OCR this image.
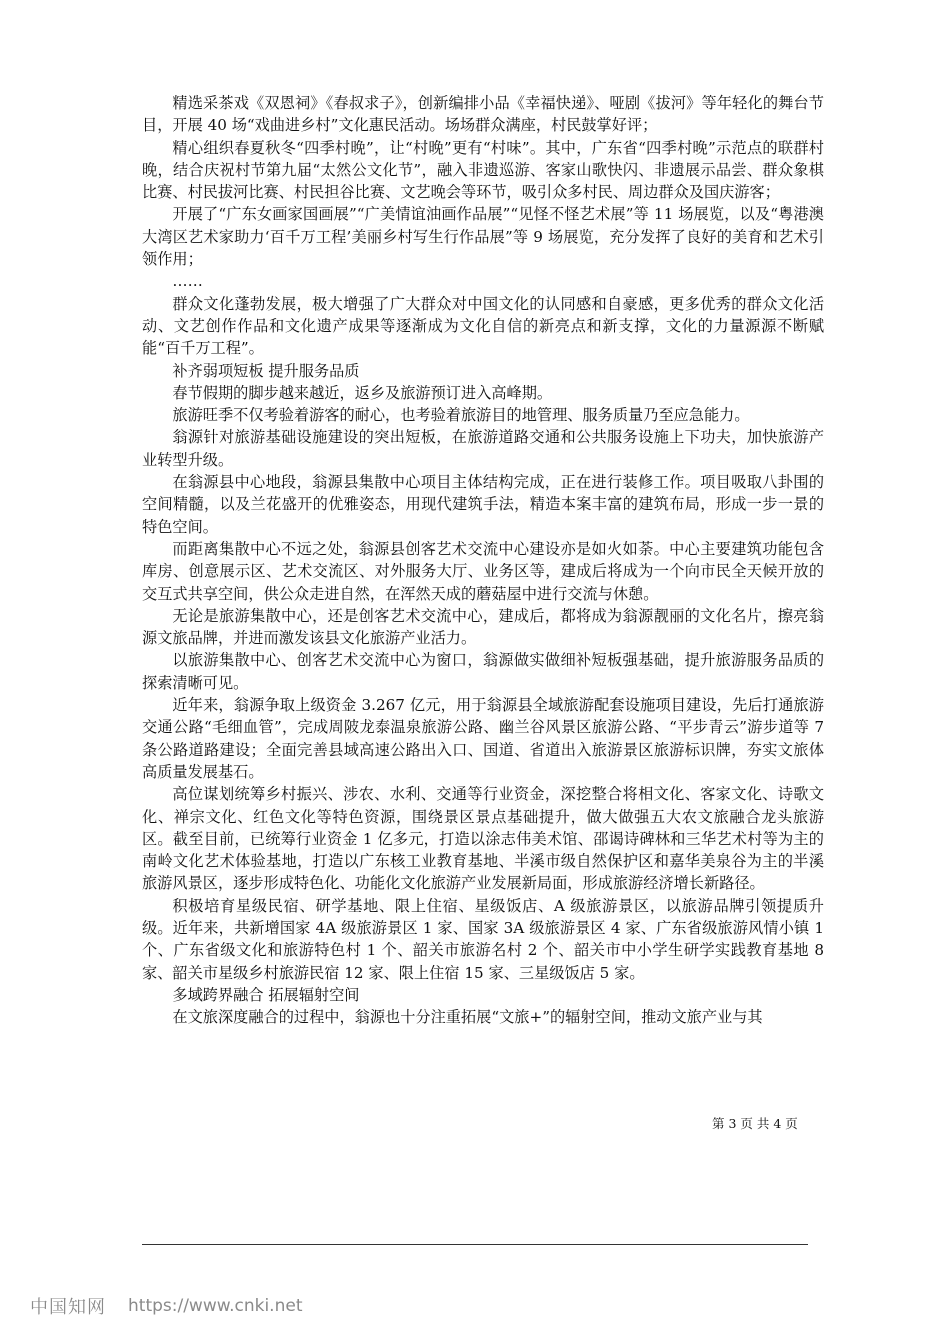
精选采茶戏《双恩祠》《春叔求子》，创新编排小品《幸福快递》、哑剧《拔河》等年轻化的舞台节目，开展 40 场“戏曲进乡村”文化惠民活动。场场群众满座，村民鼓掌好评；

精心组织春夏秋冬“四季村晚”，让“村晚”更有“村味”。其中，广东省“四季村晚”示范点的联群村晚，结合庆祝村节第九届“太然公文化节”，融入非遗巡游、客家山歌快闪、非遗展示品尝、群众象棋比赛、村民拔河比赛、村民担谷比赛、文艺晚会等环节，吸引众多村民、周边群众及国庆游客；

开展了“广东女画家国画展”“广美情谊油画作品展”“见怪不怪艺术展”等 11 场展览，以及“粤港澳大湾区艺术家助力‘百千万工程’美丽乡村写生行作品展”等 9 场展览，充分发挥了良好的美育和艺术引领作用；

……

群众文化蓬勃发展，极大增强了广大群众对中国文化的认同感和自豪感，更多优秀的群众文化活动、文艺创作作品和文化遗产成果等逐渐成为文化自信的新亮点和新支撑，文化的力量源源不断赋能“百千万工程”。

补齐弱项短板 提升服务品质

春节假期的脚步越来越近，返乡及旅游预订进入高峰期。

旅游旺季不仅考验着游客的耐心，也考验着旅游目的地管理、服务质量乃至应急能力。

翁源针对旅游基础设施建设的突出短板，在旅游道路交通和公共服务设施上下功夫，加快旅游产业转型升级。

在翁源县中心地段，翁源县集散中心项目主体结构完成，正在进行装修工作。项目吸取八卦围的空间精髓，以及兰花盛开的优雅姿态，用现代建筑手法，精造本案丰富的建筑布局，形成一步一景的特色空间。

而距离集散中心不远之处，翁源县创客艺术交流中心建设亦是如火如荼。中心主要建筑功能包含库房、创意展示区、艺术交流区、对外服务大厅、业务区等，建成后将成为一个向市民全天候开放的交互式共享空间，供公众走进自然，在浑然天成的蘑菇屋中进行交流与休憩。

无论是旅游集散中心，还是创客艺术交流中心，建成后，都将成为翁源靓丽的文化名片，擦亮翁源文旅品牌，并进而激发该县文化旅游产业活力。

以旅游集散中心、创客艺术交流中心为窗口，翁源做实做细补短板强基础，提升旅游服务品质的探索清晰可见。

近年来，翁源争取上级资金 3.267 亿元，用于翁源县全域旅游配套设施项目建设，先后打通旅游交通公路“毛细血管”，完成周陂龙泰温泉旅游公路、幽兰谷风景区旅游公路、“平步青云”游步道等 7 条公路道路建设；全面完善县域高速公路出入口、国道、省道出入旅游景区旅游标识牌，夯实文旅体高质量发展基石。

高位谋划统筹乡村振兴、涉农、水利、交通等行业资金，深挖整合将相文化、客家文化、诗歌文化、禅宗文化、红色文化等特色资源，围绕景区景点基础提升，做大做强五大农文旅融合龙头旅游区。截至目前，已统筹行业资金 1 亿多元，打造以涂志伟美术馆、邵谒诗碑林和三华艺术村等为主的南岭文化艺术体验基地，打造以广东核工业教育基地、半溪市级自然保护区和嘉华美泉谷为主的半溪旅游风景区，逐步形成特色化、功能化文化旅游产业发展新局面，形成旅游经济增长新路径。

积极培育星级民宿、研学基地、限上住宿、星级饭店、A 级旅游景区，以旅游品牌引领提质升级。近年来，共新增国家 4A 级旅游景区 1 家、国家 3A 级旅游景区 4 家、广东省级旅游风情小镇 1 个、广东省级文化和旅游特色村 1 个、韶关市旅游名村 2 个、韶关市中小学生研学实践教育基地 8 家、韶关市星级乡村旅游民宿 12 家、限上住宿 15 家、三星级饭店 5 家。

多域跨界融合 拓展辐射空间

在文旅深度融合的过程中，翁源也十分注重拓展“文旅+”的辐射空间，推动文旅产业与其

第 3 页 共 4 页
中国知网 https://www.cnki.net
